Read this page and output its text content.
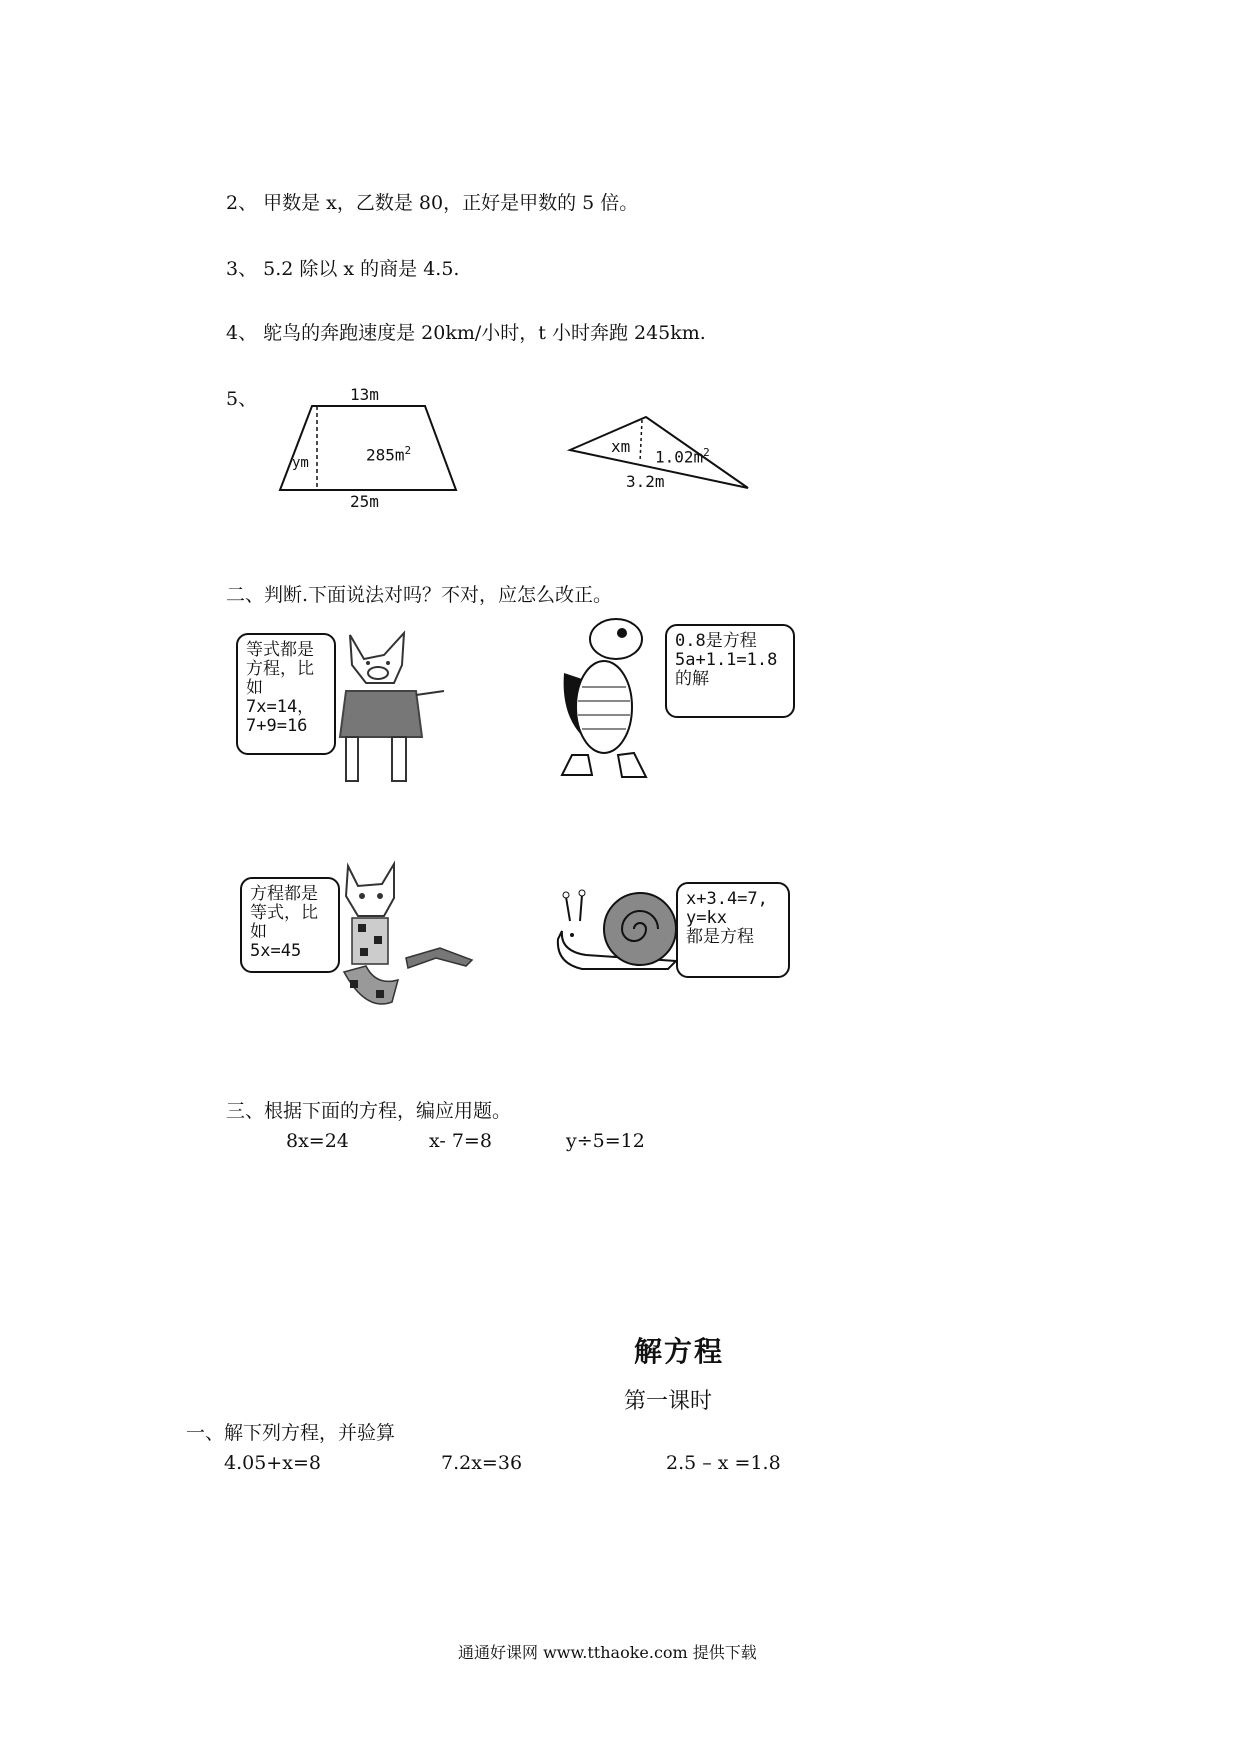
2、 甲数是 x，乙数是 80，正好是甲数的 5 倍。
3、 5.2 除以 x 的商是 4.5.
4、 鸵鸟的奔跑速度是 20km/小时，t 小时奔跑 245km.
5、	13m
ym	$285m^2$
25m
xm
$1.02m^2$
3.2m
二、判断.下面说法对吗？不对，应怎么改正。
等式都是
方程，比
如
7x=14，
7+9=16
0.8是方程
5a+1.1=1.8
的解
方程都是
等式，比
如
5x=45
x+3.4=7,
y=kx
都是方程
三、根据下面的方程，编应用题。
8x=24	x- 7=8	y÷5=12
解方程
第一课时
一、解下列方程，并验算
4.05+x=8	7.2x=36	2.5 – x =1.8
通通好课网 www.tthaoke.com 提供下载
